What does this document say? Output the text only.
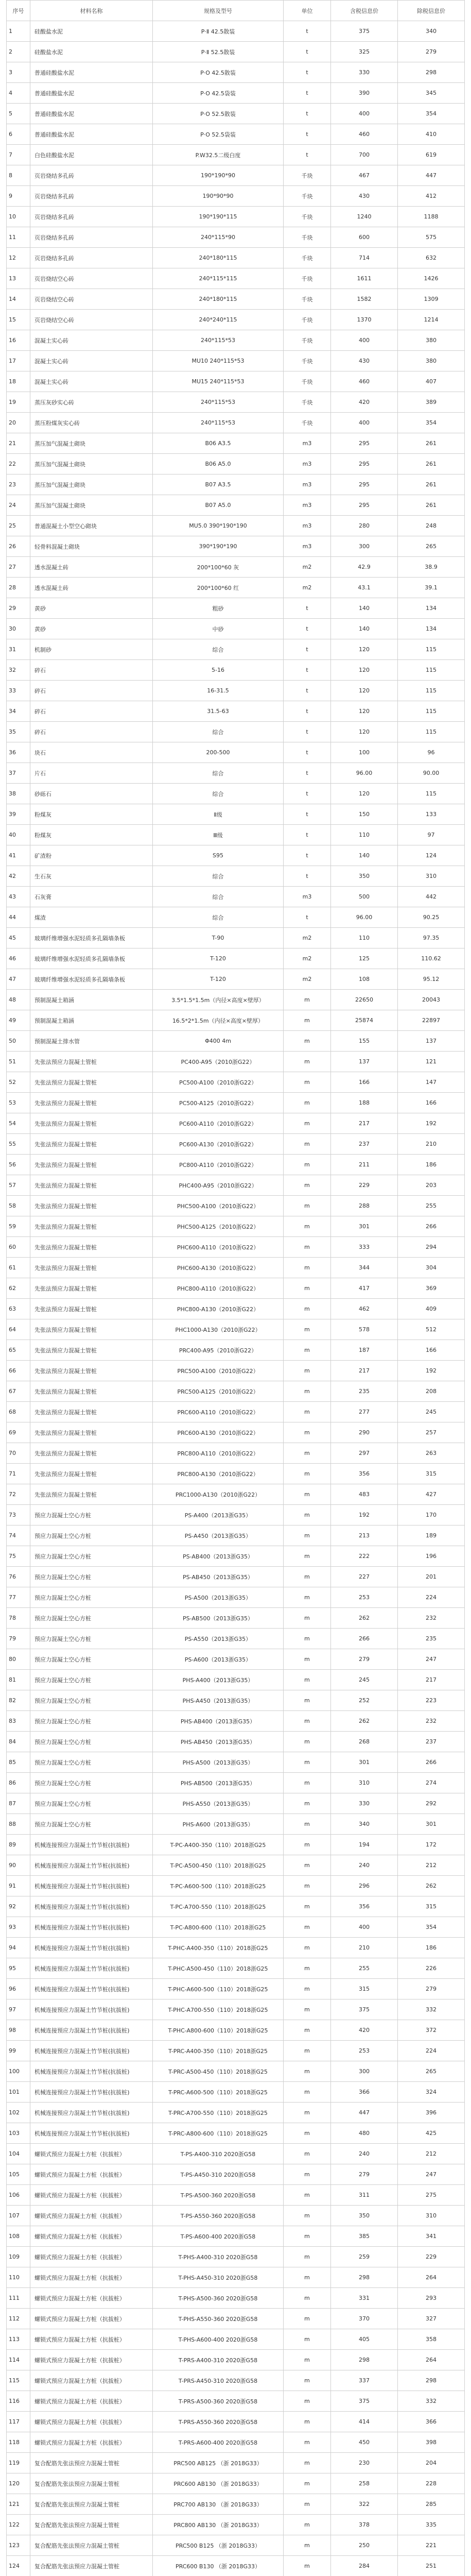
序号	材料名称	规格及型号	单位	含税信息价	除税信息价
1	硅酸盐水泥	P·Ⅱ 42.5散装	t	375	340
2	硅酸盐水泥	P·Ⅱ 52.5散装	t	325	279
3	普通硅酸盐水泥	P·O 42.5散装	t	330	298
4	普通硅酸盐水泥	P·O 42.5袋装	t	390	345
5	普通硅酸盐水泥	P·O 52.5散装	t	400	354
6	普通硅酸盐水泥	P·O 52.5袋装	t	460	410
7	白色硅酸盐水泥	P.W32.5二级白度	t	700	619
8	页岩烧结多孔砖	190*190*90	千块	467	447
9	页岩烧结多孔砖	190*90*90	千块	430	412
10	页岩烧结多孔砖	190*190*115	千块	1240	1188
11	页岩烧结多孔砖	240*115*90	千块	600	575
12	页岩烧结多孔砖	240*180*115	千块	714	632
13	页岩烧结空心砖	240*115*115	千块	1611	1426
14	页岩烧结空心砖	240*180*115	千块	1582	1309
15	页岩烧结空心砖	240*240*115	千块	1370	1214
16	混凝土实心砖	240*115*53	千块	400	380
17	混凝土实心砖	MU10 240*115*53	千块	430	380
18	混凝土实心砖	MU15 240*115*53	千块	460	407
19	蒸压灰砂实心砖	240*115*53	千块	420	389
20	蒸压粉煤灰实心砖	240*115*53	千块	400	354
21	蒸压加气混凝土砌块	B06 A3.5	m3	295	261
22	蒸压加气混凝土砌块	B06 A5.0	m3	295	261
23	蒸压加气混凝土砌块	B07 A3.5	m3	295	261
24	蒸压加气混凝土砌块	B07 A5.0	m3	295	261
25	普通混凝土小型空心砌块	MU5.0 390*190*190	m3	280	248
26	轻骨料混凝土砌块	390*190*190	m3	300	265
27	透水混凝土砖	200*100*60 灰	m2	42.9	38.9
28	透水混凝土砖	200*100*60 红	m2	43.1	39.1
29	黄砂	粗砂	t	140	134
30	黄砂	中砂	t	140	134
31	机制砂	综合	t	120	115
32	碎石	5-16	t	120	115
33	碎石	16-31.5	t	120	115
34	碎石	31.5-63	t	120	115
35	碎石	综合	t	120	115
36	块石	200-500	t	100	96
37	片石	综合	t	96.00	90.00
38	砂砾石	综合	t	120	115
39	粉煤灰	Ⅱ级	t	150	133
40	粉煤灰	Ⅲ级	t	110	97
41	矿渣粉	S95	t	140	124
42	生石灰	综合	t	350	310
43	石灰膏	综合	m3	500	442
44	煤渣	综合	t	96.00	90.25
45	玻璃纤维增强水泥轻质多孔隔墙条板	T-90	m2	110	97.35
46	玻璃纤维增强水泥轻质多孔隔墙条板	T-120	m2	125	110.62
47	玻璃纤维增强水泥轻质多孔隔墙条板	T-120	m2	108	95.12
48	预制混凝土箱涵	3.5*1.5*1.5m（内径×高度×壁厚）	m	22650	20043
49	预制混凝土箱涵	16.5*2*1.5m（内径×高度×壁厚）	m	25874	22897
50	预制混凝土排水管	Φ400 4m	m	155	137
51	先张法预应力混凝土管桩	PC400-A95（2010浙G22）	m	137	121
52	先张法预应力混凝土管桩	PC500-A100（2010浙G22）	m	166	147
53	先张法预应力混凝土管桩	PC500-A125（2010浙G22）	m	188	166
54	先张法预应力混凝土管桩	PC600-A110（2010浙G22）	m	217	192
55	先张法预应力混凝土管桩	PC600-A130（2010浙G22）	m	237	210
56	先张法预应力混凝土管桩	PC800-A110（2010浙G22）	m	211	186
57	先张法预应力混凝土管桩	PHC400-A95（2010浙G22）	m	229	203
58	先张法预应力混凝土管桩	PHC500-A100（2010浙G22）	m	288	255
59	先张法预应力混凝土管桩	PHC500-A125（2010浙G22）	m	301	266
60	先张法预应力混凝土管桩	PHC600-A110（2010浙G22）	m	333	294
61	先张法预应力混凝土管桩	PHC600-A130（2010浙G22）	m	344	304
62	先张法预应力混凝土管桩	PHC800-A110（2010浙G22）	m	417	369
63	先张法预应力混凝土管桩	PHC800-A130（2010浙G22）	m	462	409
64	先张法预应力混凝土管桩	PHC1000-A130（2010浙G22）	m	578	512
65	先张法预应力混凝土管桩	PRC400-A95（2010浙G22）	m	187	166
66	先张法预应力混凝土管桩	PRC500-A100（2010浙G22）	m	217	192
67	先张法预应力混凝土管桩	PRC500-A125（2010浙G22）	m	235	208
68	先张法预应力混凝土管桩	PRC600-A110（2010浙G22）	m	277	245
69	先张法预应力混凝土管桩	PRC600-A130（2010浙G22）	m	290	257
70	先张法预应力混凝土管桩	PRC800-A110（2010浙G22）	m	297	263
71	先张法预应力混凝土管桩	PRC800-A130（2010浙G22）	m	356	315
72	先张法预应力混凝土管桩	PRC1000-A130（2010浙G22）	m	483	427
73	预应力混凝土空心方桩	PS-A400（2013浙G35）	m	192	170
74	预应力混凝土空心方桩	PS-A450（2013浙G35）	m	213	189
75	预应力混凝土空心方桩	PS-AB400（2013浙G35）	m	222	196
76	预应力混凝土空心方桩	PS-AB450（2013浙G35）	m	227	201
77	预应力混凝土空心方桩	PS-A500（2013浙G35）	m	253	224
78	预应力混凝土空心方桩	PS-AB500（2013浙G35）	m	262	232
79	预应力混凝土空心方桩	PS-A550（2013浙G35）	m	266	235
80	预应力混凝土空心方桩	PS-A600（2013浙G35）	m	279	247
81	预应力混凝土空心方桩	PHS-A400（2013浙G35）	m	245	217
82	预应力混凝土空心方桩	PHS-A450（2013浙G35）	m	252	223
83	预应力混凝土空心方桩	PHS-AB400（2013浙G35）	m	262	232
84	预应力混凝土空心方桩	PHS-AB450（2013浙G35）	m	268	237
85	预应力混凝土空心方桩	PHS-A500（2013浙G35）	m	301	266
86	预应力混凝土空心方桩	PHS-AB500（2013浙G35）	m	310	274
87	预应力混凝土空心方桩	PHS-A550（2013浙G35）	m	330	292
88	预应力混凝土空心方桩	PHS-A600（2013浙G35）	m	340	301
89	机械连接预应力混凝土竹节桩(抗拔桩)	T-PC-A400-350（110）2018浙G25	m	194	172
90	机械连接预应力混凝土竹节桩(抗拔桩)	T-PC-A500-450（110）2018浙G25	m	240	212
91	机械连接预应力混凝土竹节桩(抗拔桩)	T-PC-A600-500（110）2018浙G25	m	296	262
92	机械连接预应力混凝土竹节桩(抗拔桩)	T-PC-A700-550（110）2018浙G25	m	356	315
93	机械连接预应力混凝土竹节桩(抗拔桩)	T-PC-A800-600（110）2018浙G25	m	400	354
94	机械连接预应力混凝土竹节桩(抗拔桩)	T-PHC-A400-350（110）2018浙G25	m	210	186
95	机械连接预应力混凝土竹节桩(抗拔桩)	T-PHC-A500-450（110）2018浙G25	m	255	226
96	机械连接预应力混凝土竹节桩(抗拔桩)	T-PHC-A600-500（110）2018浙G25	m	315	279
97	机械连接预应力混凝土竹节桩(抗拔桩)	T-PHC-A700-550（110）2018浙G25	m	375	332
98	机械连接预应力混凝土竹节桩(抗拔桩)	T-PHC-A800-600（110）2018浙G25	m	420	372
99	机械连接预应力混凝土竹节桩(抗拔桩)	T-PRC-A400-350（110）2018浙G25	m	253	224
100	机械连接预应力混凝土竹节桩(抗拔桩)	T-PRC-A500-450（110）2018浙G25	m	300	265
101	机械连接预应力混凝土竹节桩(抗拔桩)	T-PRC-A600-500（110）2018浙G25	m	366	324
102	机械连接预应力混凝土竹节桩(抗拔桩)	T-PRC-A700-550（110）2018浙G25	m	447	396
103	机械连接预应力混凝土竹节桩(抗拔桩)	T-PRC-A800-600（110）2018浙G25	m	480	425
104	螺锁式预应力混凝土方桩（抗拔桩）	T-PS-A400-310 2020浙G58	m	240	212
105	螺锁式预应力混凝土方桩（抗拔桩）	T-PS-A450-310 2020浙G58	m	279	247
106	螺锁式预应力混凝土方桩（抗拔桩）	T-PS-A500-360 2020浙G58	m	311	275
107	螺锁式预应力混凝土方桩（抗拔桩）	T-PS-A550-360 2020浙G58	m	350	310
108	螺锁式预应力混凝土方桩（抗拔桩）	T-PS-A600-400 2020浙G58	m	385	341
109	螺锁式预应力混凝土方桩（抗拔桩）	T-PHS-A400-310 2020浙G58	m	259	229
110	螺锁式预应力混凝土方桩（抗拔桩）	T-PHS-A450-310 2020浙G58	m	298	264
111	螺锁式预应力混凝土方桩（抗拔桩）	T-PHS-A500-360 2020浙G58	m	331	293
112	螺锁式预应力混凝土方桩（抗拔桩）	T-PHS-A550-360 2020浙G58	m	370	327
113	螺锁式预应力混凝土方桩（抗拔桩）	T-PHS-A600-400 2020浙G58	m	405	358
114	螺锁式预应力混凝土方桩（抗拔桩）	T-PRS-A400-310 2020浙G58	m	298	264
115	螺锁式预应力混凝土方桩（抗拔桩）	T-PRS-A450-310 2020浙G58	m	337	298
116	螺锁式预应力混凝土方桩（抗拔桩）	T-PRS-A500-360 2020浙G58	m	375	332
117	螺锁式预应力混凝土方桩（抗拔桩）	T-PRS-A550-360 2020浙G58	m	414	366
118	螺锁式预应力混凝土方桩（抗拔桩）	T-PRS-A600-400 2020浙G58	m	450	398
119	复合配筋先张法预应力混凝土管桩	PRC500 AB125 （浙 2018G33）	m	230	204
120	复合配筋先张法预应力混凝土管桩	PRC600 AB130 （浙 2018G33）	m	258	228
121	复合配筋先张法预应力混凝土管桩	PRC700 AB130 （浙 2018G33）	m	322	285
122	复合配筋先张法预应力混凝土管桩	PRC800 AB130 （浙 2018G33）	m	378	335
123	复合配筋先张法预应力混凝土管桩	PRC500 B125 （浙 2018G33）	m	250	221
124	复合配筋先张法预应力混凝土管桩	PRC600 B130 （浙 2018G33）	m	284	251
